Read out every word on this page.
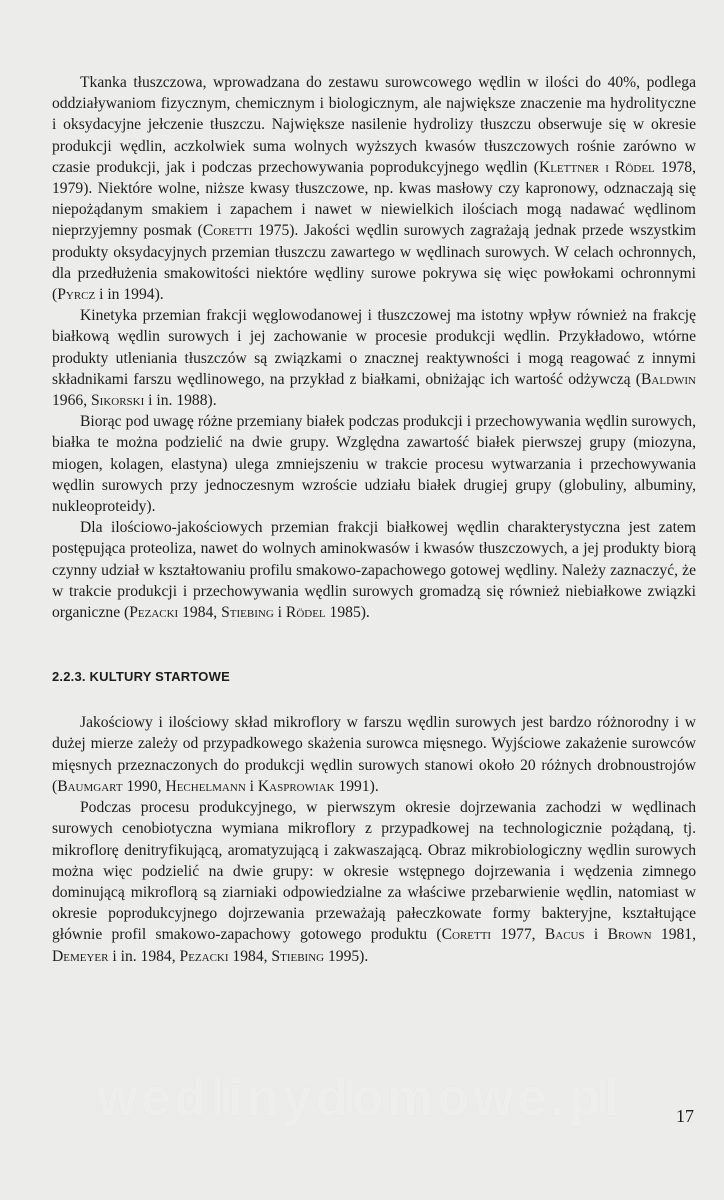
Tkanka tłuszczowa, wprowadzana do zestawu surowcowego wędlin w ilości do 40%, podlega oddziaływaniom fizycznym, chemicznym i biologicznym, ale największe znaczenie ma hydrolityczne i oksydacyjne jełczenie tłuszczu. Największe nasilenie hydrolizy tłuszczu obserwuje się w okresie produkcji wędlin, aczkolwiek suma wolnych wyższych kwasów tłuszczowych rośnie zarówno w czasie produkcji, jak i podczas przechowywania poprodukcyjnego wędlin (Klettner i Rödel 1978, 1979). Niektóre wolne, niższe kwasy tłuszczowe, np. kwas masłowy czy kapronowy, odznaczają się niepożądanym smakiem i zapachem i nawet w niewielkich ilościach mogą nadawać wędlinom nieprzyjemny posmak (Coretti 1975). Jakości wędlin surowych zagrażają jednak przede wszystkim produkty oksydacyjnych przemian tłuszczu zawartego w wędlinach surowych. W celach ochronnych, dla przedłużenia smakowitości niektóre wędliny surowe pokrywa się więc powłokami ochronnymi (Pyrcz i in 1994).

Kinetyka przemian frakcji węglowodanowej i tłuszczowej ma istotny wpływ również na frakcję białkową wędlin surowych i jej zachowanie w procesie produkcji wędlin. Przykładowo, wtórne produkty utleniania tłuszczów są związkami o znacznej reaktywności i mogą reagować z innymi składnikami farszu wędlinowego, na przykład z białkami, obniżając ich wartość odżywczą (Baldwin 1966, Sikorski i in. 1988).

Biorąc pod uwagę różne przemiany białek podczas produkcji i przechowywania wędlin surowych, białka te można podzielić na dwie grupy. Względna zawartość białek pierwszej grupy (miozyna, miogen, kolagen, elastyna) ulega zmniejszeniu w trakcie procesu wytwarzania i przechowywania wędlin surowych przy jednoczesnym wzroście udziału białek drugiej grupy (globuliny, albuminy, nukleoproteidy).

Dla ilościowo-jakościowych przemian frakcji białkowej wędlin charakterystyczna jest zatem postępująca proteoliza, nawet do wolnych aminokwasów i kwasów tłuszczowych, a jej produkty biorą czynny udział w kształtowaniu profilu smakowo-zapachowego gotowej wędliny. Należy zaznaczyć, że w trakcie produkcji i przechowywania wędlin surowych gromadzą się również niebiałkowe związki organiczne (Pezacki 1984, Stiebing i Rödel 1985).

2.2.3. KULTURY STARTOWE

Jakościowy i ilościowy skład mikroflory w farszu wędlin surowych jest bardzo różnorodny i w dużej mierze zależy od przypadkowego skażenia surowca mięsnego. Wyjściowe zakażenie surowców mięsnych przeznaczonych do produkcji wędlin surowych stanowi około 20 różnych drobnoustrojów (Baumgart 1990, Hechelmann i Kasprowiak 1991).

Podczas procesu produkcyjnego, w pierwszym okresie dojrzewania zachodzi w wędlinach surowych cenobiotyczna wymiana mikroflory z przypadkowej na technologicznie pożądaną, tj. mikroflorę denitryfikującą, aromatyzującą i zakwaszającą. Obraz mikrobiologiczny wędlin surowych można więc podzielić na dwie grupy: w okresie wstępnego dojrzewania i wędzenia zimnego dominującą mikroflorą są ziarniaki odpowiedzialne za właściwe przebarwienie wędlin, natomiast w okresie poprodukcyjnego dojrzewania przeważają pałeczkowate formy bakteryjne, kształtujące głównie profil smakowo-zapachowy gotowego produktu (Coretti 1977, Bacus i Brown 1981, Demeyer i in. 1984, Pezacki 1984, Stiebing 1995).

wedlinydomowe.pl	17
